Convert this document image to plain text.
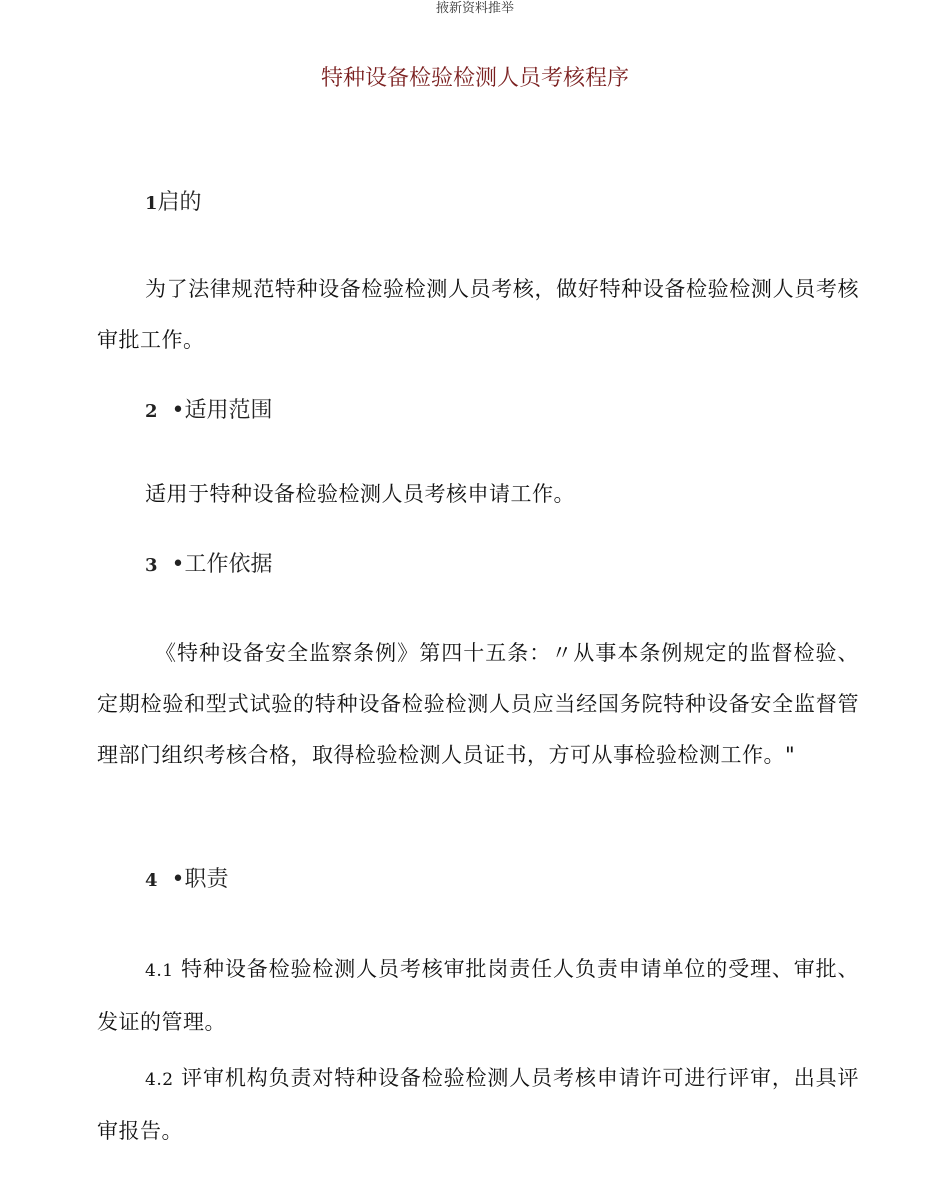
掖新资料推举
特种设备检验检测人员考核程序
1启的
为了法律规范特种设备检验检测人员考核，做好特种设备检验检测人员考核审批工作。
2 •适用范围
适用于特种设备检验检测人员考核申请工作。
3 •工作依据
《特种设备安全监察条例》第四十五条：〃从事本条例规定的监督检验、定期检验和型式试验的特种设备检验检测人员应当经国务院特种设备安全监督管理部门组织考核合格，取得检验检测人员证书，方可从事检验检测工作。"
4 •职责
4.1 特种设备检验检测人员考核审批岗责任人负责申请单位的受理、审批、发证的管理。
4.2 评审机构负责对特种设备检验检测人员考核申请许可进行评审，出具评审报告。
